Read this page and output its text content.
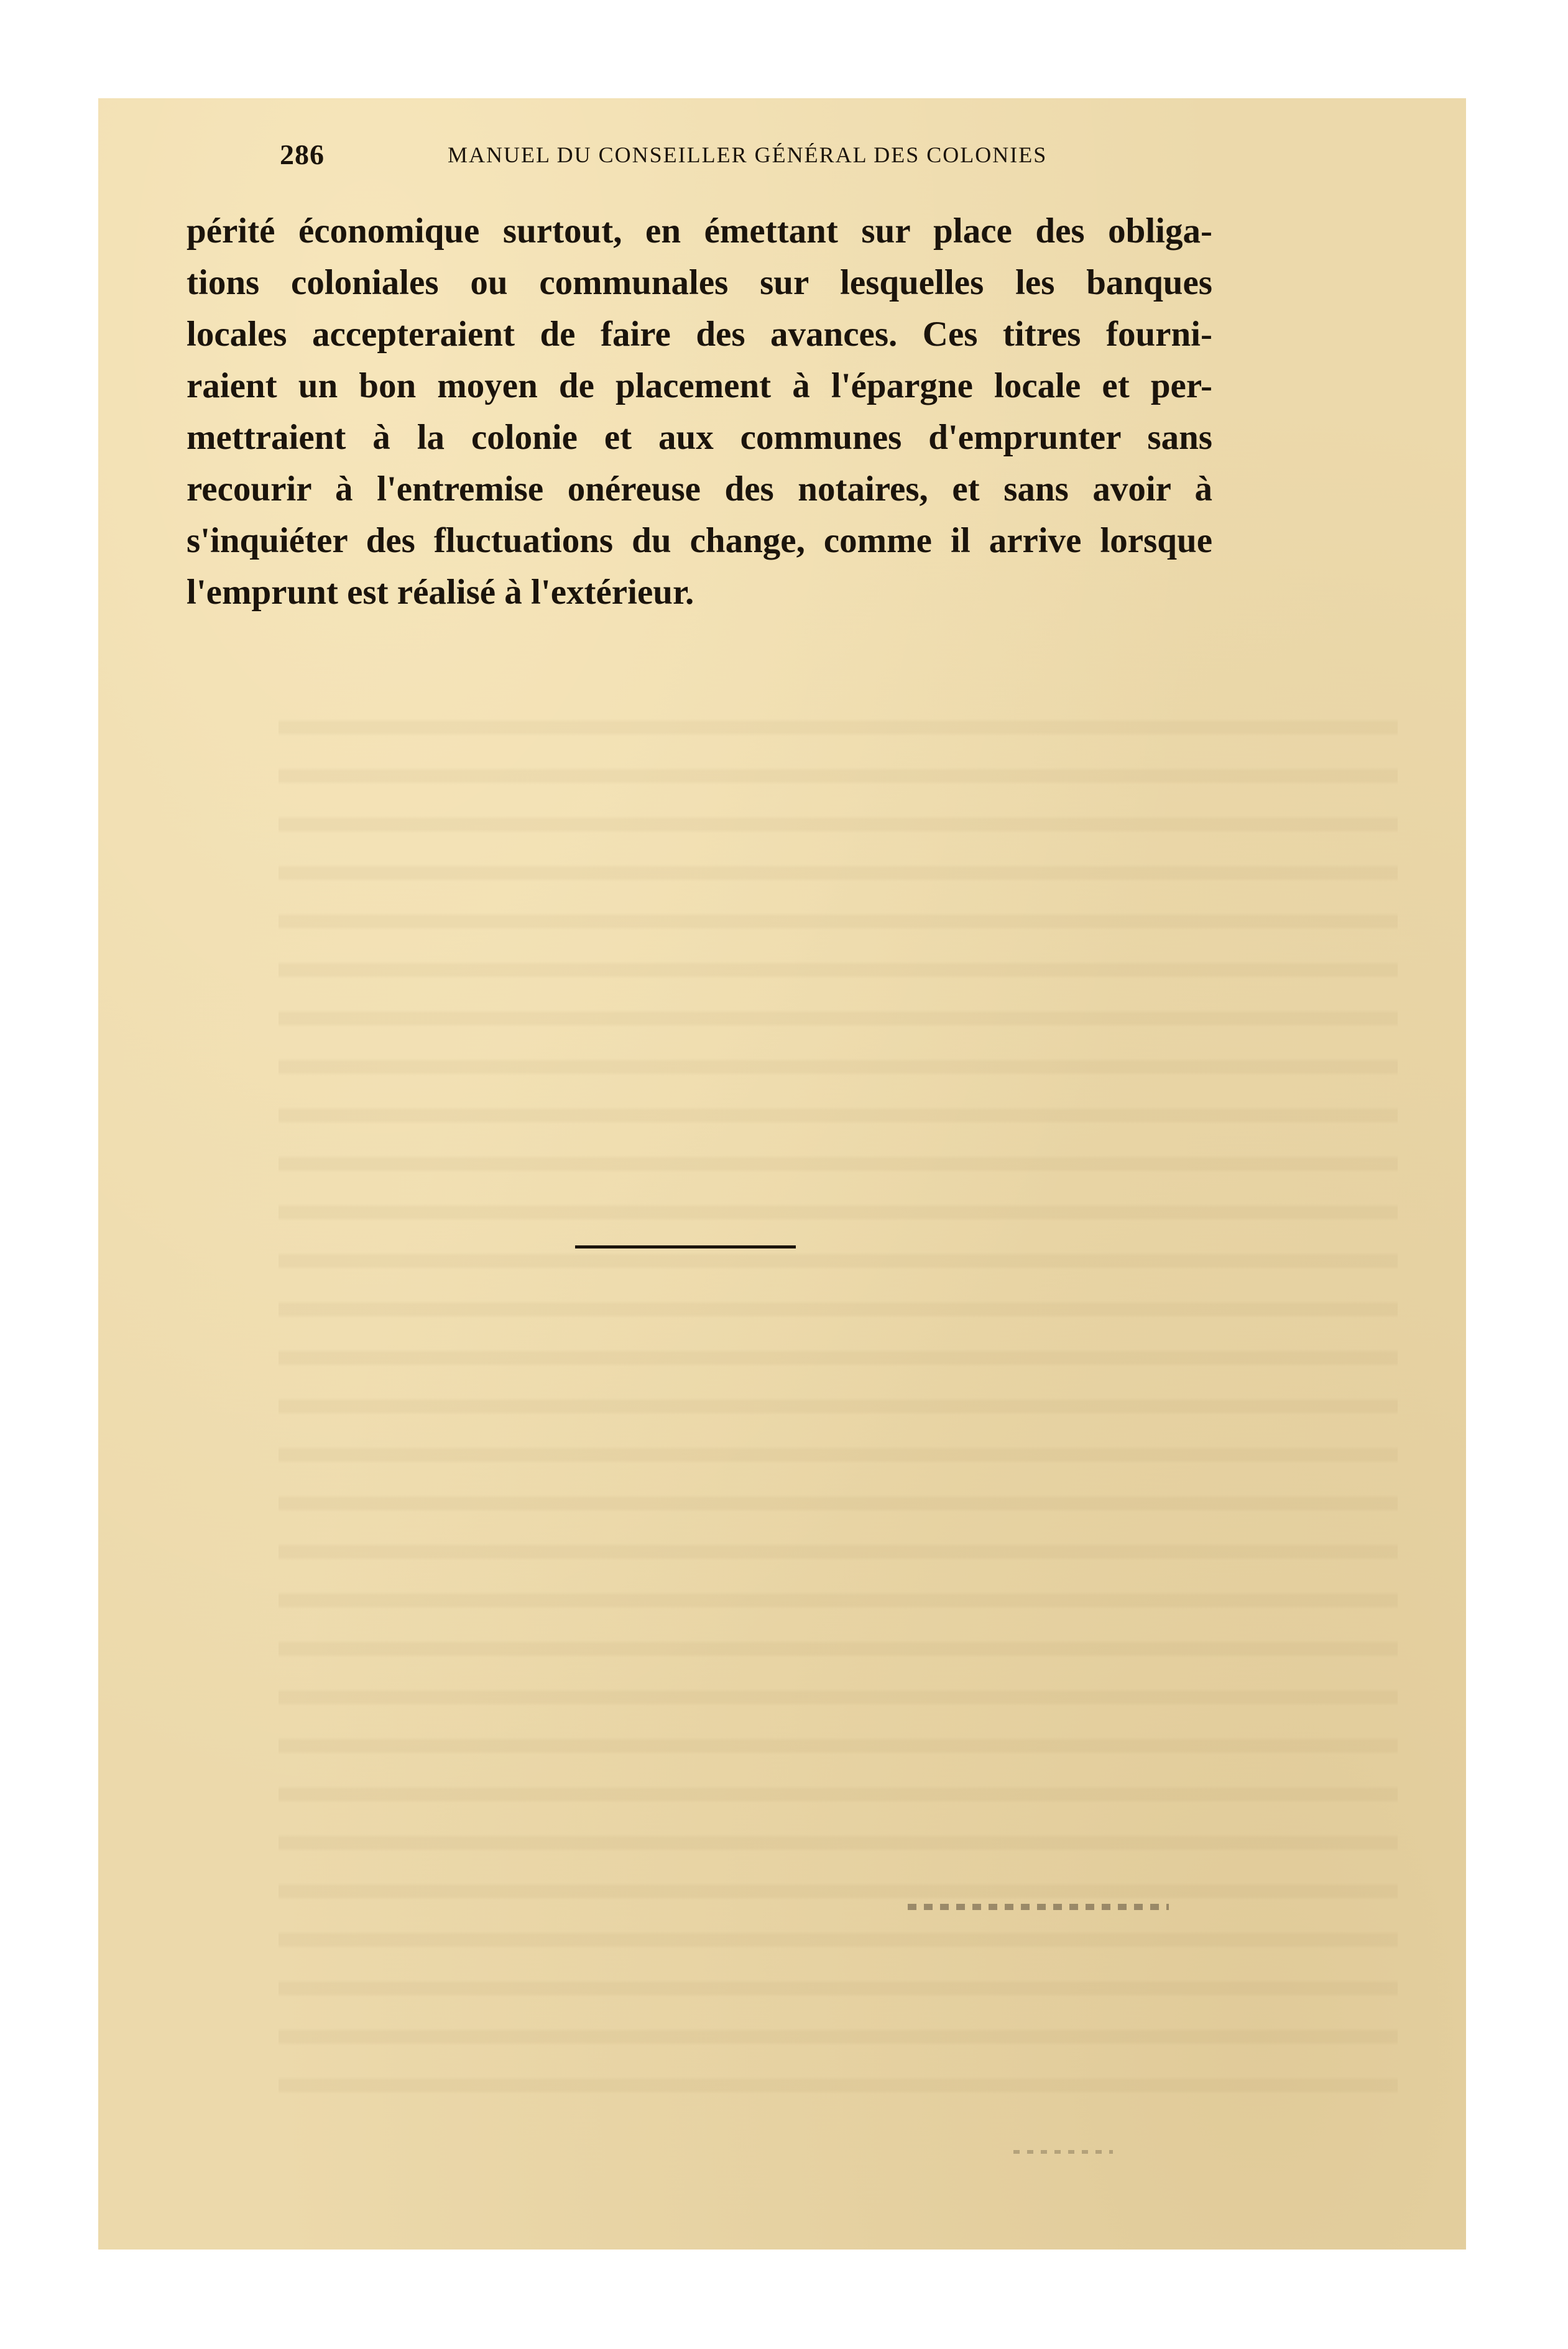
286	MANUEL DU CONSEILLER GÉNÉRAL DES COLONIES

périté économique surtout, en émettant sur place des obliga-
tions coloniales ou communales sur lesquelles les banques
locales accepteraient de faire des avances. Ces titres fourni-
raient un bon moyen de placement à l'épargne locale et per-
mettraient à la colonie et aux communes d'emprunter sans
recourir à l'entremise onéreuse des notaires, et sans avoir à
s'inquiéter des fluctuations du change, comme il arrive lorsque
l'emprunt est réalisé à l'extérieur.
